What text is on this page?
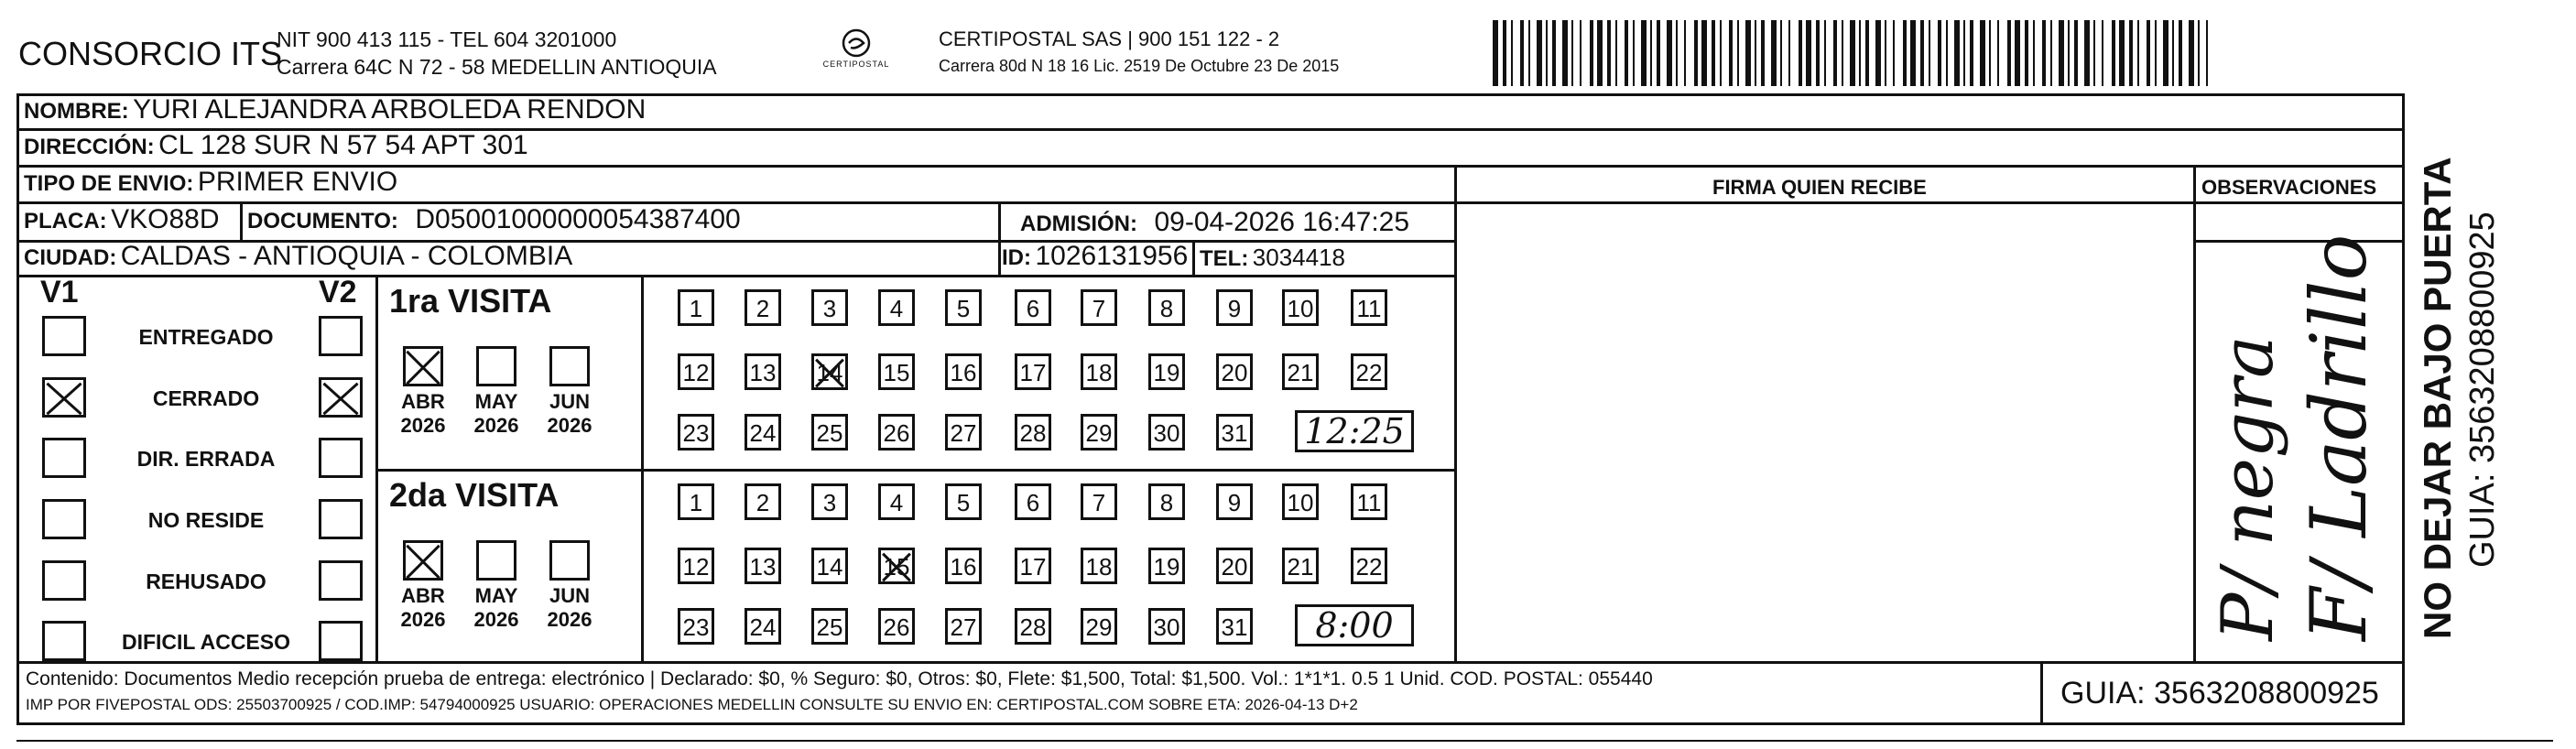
CONSORCIO ITS
NIT 900 413 115 - TEL 604 3201000
Carrera 64C N 72 - 58 MEDELLIN ANTIOQUIA	CERTIPOSTAL
CERTIPOSTAL SAS | 900 151 122 - 2
Carrera 80d N 18 16 Lic. 2519 De Octubre 23 De 2015
NOMBRE: YURI ALEJANDRA ARBOLEDA RENDON
DIRECCIÓN: CL 128 SUR N 57 54 APT 301
TIPO DE ENVIO: PRIMER ENVIO	FIRMA QUIEN RECIBE	OBSERVACIONES
PLACA: VKO88D DOCUMENTO: D05001000000054387400	ADMISIÓN: 09-04-2026 16:47:25
CIUDAD: CALDAS - ANTIOQUIA - COLOMBIA	ID: 1026131956 TEL: 3034418
V1	V2
ENTREGADO
CERRADO
DIR. ERRADA
NO RESIDE
REHUSADO
DIFICIL ACCESO
1ra VISITA
ABR
2026
MAY
2026
JUN
2026
1	2	3	4	5	6	7	8	9	10 11
12 13 14 15 16 17 18 19 20 21 22
23 24 25 26 27 28 29 30 31 12:25
2da VISITA
ABR
2026
MAY
2026
JUN
2026
1	2	3	4	5	6	7	8	9	10 11
12 13 14 15 16 17 18 19 20 21 22
23 24 25 26 27 28 29 30 31	8:00	P/ negra F/ Ladrillo NO DEJAR BAJO PUERTA GUIA: 3563208800925
Contenido: Documentos Medio recepción prueba de entrega: electrónico | Declarado: $0, % Seguro: $0, Otros: $0, Flete: $1,500, Total: $1,500. Vol.: 1*1*1. 0.5 1 Unid. COD. POSTAL: 055440
IMP POR FIVEPOSTAL ODS: 25503700925 / COD.IMP: 54794000925 USUARIO: OPERACIONES MEDELLIN CONSULTE SU ENVIO EN: CERTIPOSTAL.COM SOBRE ETA: 2026-04-13 D+2	GUIA: 3563208800925
